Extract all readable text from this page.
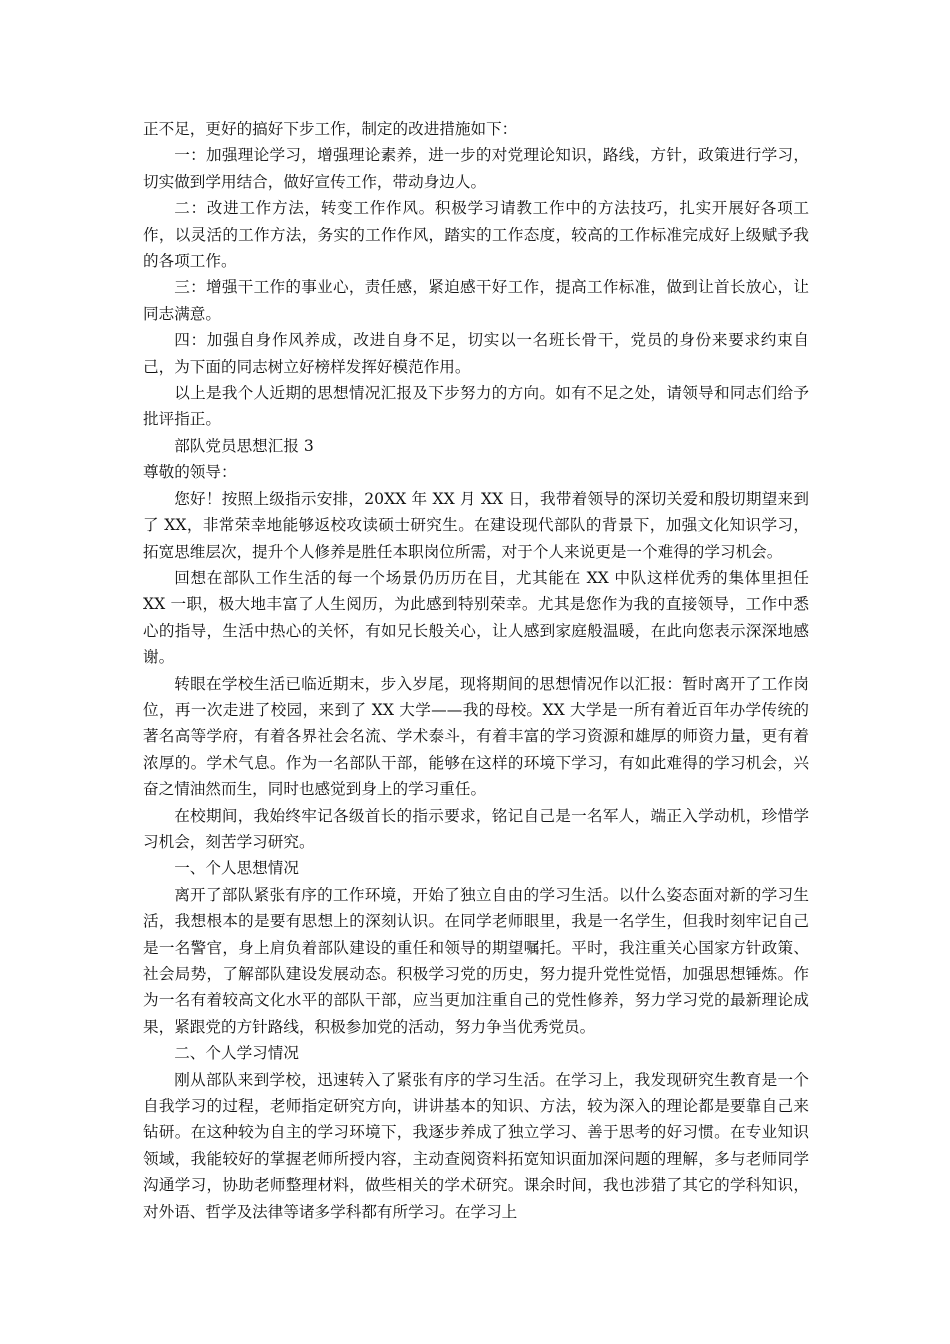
正不足，更好的搞好下步工作，制定的改进措施如下：

一：加强理论学习，增强理论素养，进一步的对党理论知识，路线，方针，政策进行学习，切实做到学用结合，做好宣传工作，带动身边人。

二：改进工作方法，转变工作作风。积极学习请教工作中的方法技巧，扎实开展好各项工作，以灵活的工作方法，务实的工作作风，踏实的工作态度，较高的工作标准完成好上级赋予我的各项工作。

三：增强干工作的事业心，责任感，紧迫感干好工作，提高工作标准，做到让首长放心，让同志满意。

四：加强自身作风养成，改进自身不足，切实以一名班长骨干，党员的身份来要求约束自己，为下面的同志树立好榜样发挥好模范作用。

以上是我个人近期的思想情况汇报及下步努力的方向。如有不足之处，请领导和同志们给予批评指正。

部队党员思想汇报 3

尊敬的领导：

您好！按照上级指示安排，20XX 年 XX 月 XX 日，我带着领导的深切关爱和殷切期望来到了 XX，非常荣幸地能够返校攻读硕士研究生。在建设现代部队的背景下，加强文化知识学习，拓宽思维层次，提升个人修养是胜任本职岗位所需，对于个人来说更是一个难得的学习机会。

回想在部队工作生活的每一个场景仍历历在目，尤其能在 XX 中队这样优秀的集体里担任 XX 一职，极大地丰富了人生阅历，为此感到特别荣幸。尤其是您作为我的直接领导，工作中悉心的指导，生活中热心的关怀，有如兄长般关心，让人感到家庭般温暖，在此向您表示深深地感谢。

转眼在学校生活已临近期末，步入岁尾，现将期间的思想情况作以汇报：暂时离开了工作岗位，再一次走进了校园，来到了 XX 大学——我的母校。XX 大学是一所有着近百年办学传统的著名高等学府，有着各界社会名流、学术泰斗，有着丰富的学习资源和雄厚的师资力量，更有着浓厚的。学术气息。作为一名部队干部，能够在这样的环境下学习，有如此难得的学习机会，兴奋之情油然而生，同时也感觉到身上的学习重任。

在校期间，我始终牢记各级首长的指示要求，铭记自己是一名军人，端正入学动机，珍惜学习机会，刻苦学习研究。

一、个人思想情况

离开了部队紧张有序的工作环境，开始了独立自由的学习生活。以什么姿态面对新的学习生活，我想根本的是要有思想上的深刻认识。在同学老师眼里，我是一名学生，但我时刻牢记自己是一名警官，身上肩负着部队建设的重任和领导的期望嘱托。平时，我注重关心国家方针政策、社会局势，了解部队建设发展动态。积极学习党的历史，努力提升党性觉悟，加强思想锤炼。作为一名有着较高文化水平的部队干部，应当更加注重自己的党性修养，努力学习党的最新理论成果，紧跟党的方针路线，积极参加党的活动，努力争当优秀党员。

二、个人学习情况

刚从部队来到学校，迅速转入了紧张有序的学习生活。在学习上，我发现研究生教育是一个自我学习的过程，老师指定研究方向，讲讲基本的知识、方法，较为深入的理论都是要靠自己来钻研。在这种较为自主的学习环境下，我逐步养成了独立学习、善于思考的好习惯。在专业知识领域，我能较好的掌握老师所授内容，主动查阅资料拓宽知识面加深问题的理解，多与老师同学沟通学习，协助老师整理材料，做些相关的学术研究。课余时间，我也涉猎了其它的学科知识，对外语、哲学及法律等诸多学科都有所学习。在学习上
